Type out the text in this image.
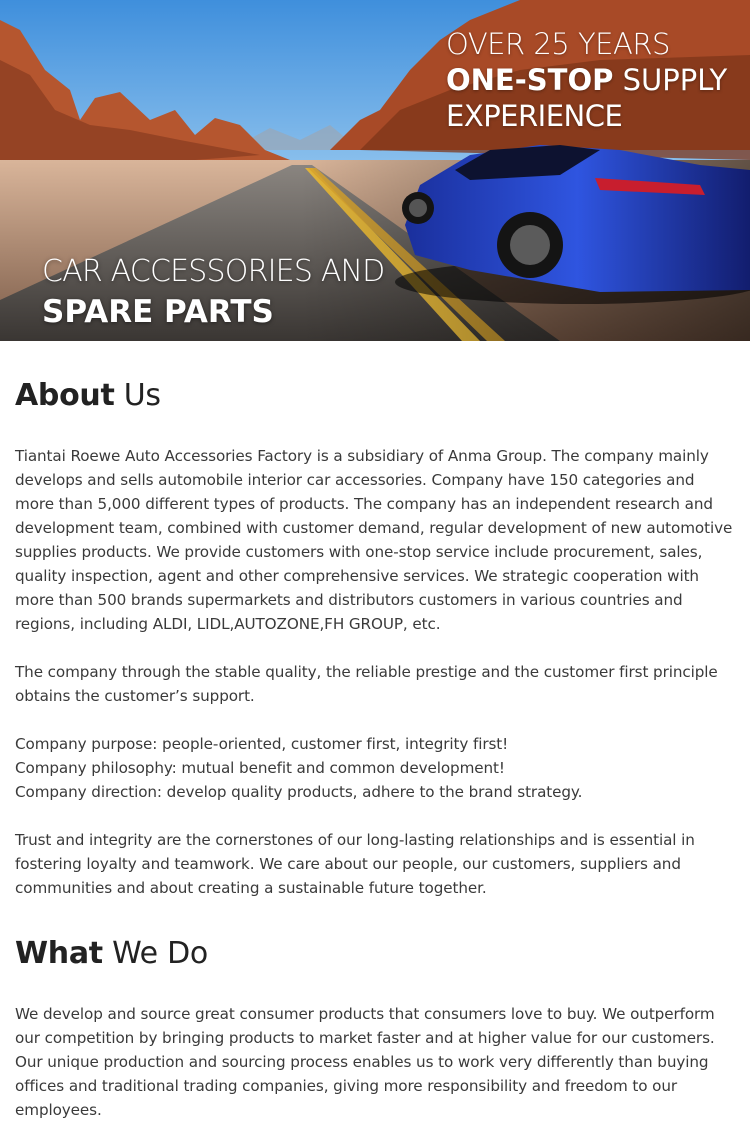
OVER 25 YEARS
ONE-STOP SUPPLY
EXPERIENCE
CAR ACCESSORIES AND
SPARE PARTS
About Us
Tiantai Roewe Auto Accessories Factory is a subsidiary of Anma Group. The company mainly
develops and sells automobile interior car accessories. Company have 150 categories and
more than 5,000 different types of products. The company has an independent research and
development team, combined with customer demand, regular development of new automotive
supplies products. We provide customers with one-stop service include procurement, sales,
quality inspection, agent and other comprehensive services. We strategic cooperation with
more than 500 brands supermarkets and distributors customers in various countries and
regions, including ALDI, LIDL,AUTOZONE,FH GROUP, etc.
The company through the stable quality, the reliable prestige and the customer first principle
obtains the customer’s support.
Company purpose: people-oriented, customer first, integrity first!
Company philosophy: mutual benefit and common development!
Company direction: develop quality products, adhere to the brand strategy.
Trust and integrity are the cornerstones of our long-lasting relationships and is essential in
fostering loyalty and teamwork. We care about our people, our customers, suppliers and
communities and about creating a sustainable future together.
What We Do
We develop and source great consumer products that consumers love to buy. We outperform
our competition by bringing products to market faster and at higher value for our customers.
Our unique production and sourcing process enables us to work very differently than buying
offices and traditional trading companies, giving more responsibility and freedom to our
employees.
